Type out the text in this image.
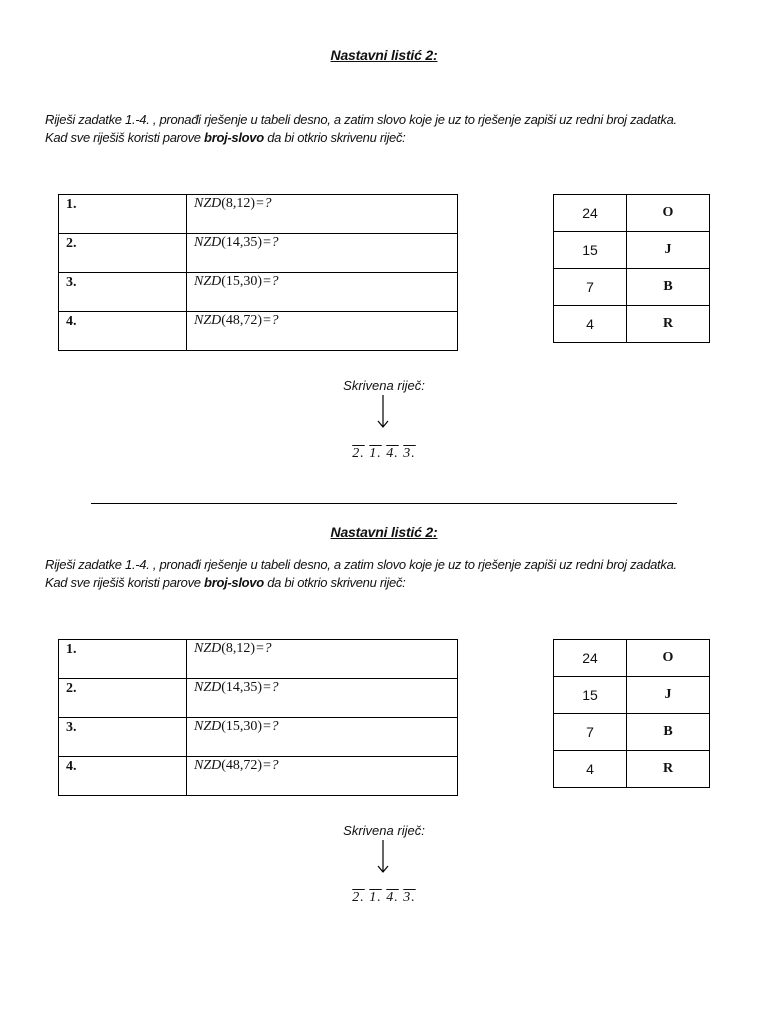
Nastavni listić 2:
Riješi zadatke 1.-4. , pronađi rješenje u tabeli desno, a zatim slovo koje je uz to rješenje zapiši uz redni broj zadatka.
Kad sve riješiš koristi parove broj-slovo da bi otkrio skrivenu riječ:
1.	NZD(8,12)=?
2.	NZD(14,35)=?
3.	NZD(15,30)=?
4.	NZD(48,72)=?
24	O
15	J
7	B
4	R
Skrivena riječ:
2. 1. 4. 3.
Nastavni listić 2:
Riješi zadatke 1.-4. , pronađi rješenje u tabeli desno, a zatim slovo koje je uz to rješenje zapiši uz redni broj zadatka.
Kad sve riješiš koristi parove broj-slovo da bi otkrio skrivenu riječ:
1.	NZD(8,12)=?
2.	NZD(14,35)=?
3.	NZD(15,30)=?
4.	NZD(48,72)=?
24	O
15	J
7	B
4	R
Skrivena riječ:
2. 1. 4. 3.
